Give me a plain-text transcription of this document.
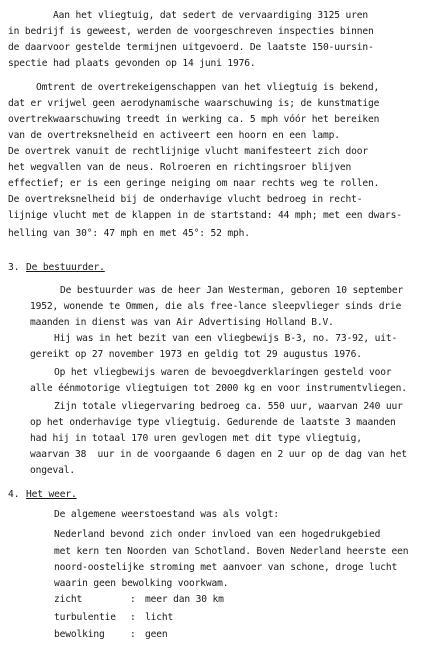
Aan het vliegtuig, dat sedert de vervaardiging 3125 uren
in bedrijf is geweest, werden de voorgeschreven inspecties binnen
de daarvoor gestelde termijnen uitgevoerd. De laatste 150-uursin-
spectie had plaats gevonden op 14 juni 1976.
Omtrent de overtrekeigenschappen van het vliegtuig is bekend,
dat er vrijwel geen aerodynamische waarschuwing is; de kunstmatige
overtrekwaarschuwing treedt in werking ca. 5 mph vóór het bereiken
van de overtreksnelheid en activeert een hoorn en een lamp.
De overtrek vanuit de rechtlijnige vlucht manifesteert zich door
het wegvallen van de neus. Rolroeren en richtingsroer blijven
effectief; er is een geringe neiging om naar rechts weg te rollen.
De overtreksnelheid bij de onderhavige vlucht bedroeg in recht-
lijnige vlucht met de klappen in de startstand: 44 mph; met een dwars-
helling van 30°: 47 mph en met 45°: 52 mph.
3. De bestuurder.
De bestuurder was de heer Jan Westerman, geboren 10 september
1952, wonende te Ommen, die als free-lance sleepvlieger sinds drie
maanden in dienst was van Air Advertising Holland B.V.
Hij was in het bezit van een vliegbewijs B-3, no. 73-92, uit-
gereikt op 27 november 1973 en geldig tot 29 augustus 1976.
Op het vliegbewijs waren de bevoegdverklaringen gesteld voor
alle éénmotorige vliegtuigen tot 2000 kg en voor instrumentvliegen.
Zijn totale vliegervaring bedroeg ca. 550 uur, waarvan 240 uur
op het onderhavige type vliegtuig. Gedurende de laatste 3 maanden
had hij in totaal 170 uren gevlogen met dit type vliegtuig,
waarvan 38  uur in de voorgaande 6 dagen en 2 uur op de dag van het
ongeval.
4. Het weer.
De algemene weerstoestand was als volgt:
Nederland bevond zich onder invloed van een hogedrukgebied
met kern ten Noorden van Schotland. Boven Nederland heerste een
noord-oostelijke stroming met aanvoer van schone, droge lucht
waarin geen bewolking voorkwam.
zicht	: meer dan 30 km
turbulentie : licht
bewolking	: geen
